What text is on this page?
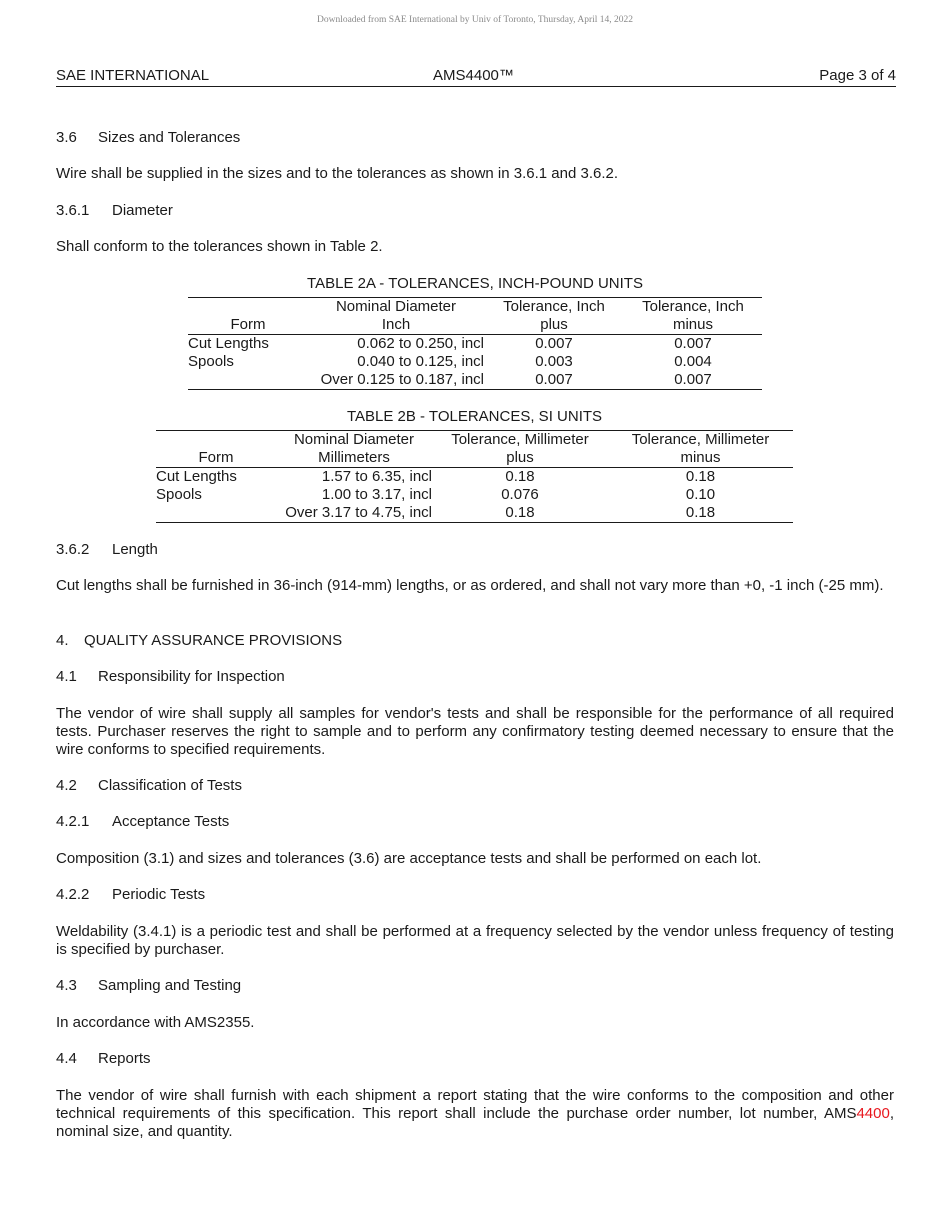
Downloaded from SAE International by Univ of Toronto, Thursday, April 14, 2022
SAE INTERNATIONAL	AMS4400™	Page 3 of 4
3.6 Sizes and Tolerances
Wire shall be supplied in the sizes and to the tolerances as shown in 3.6.1 and 3.6.2.
3.6.1 Diameter
Shall conform to the tolerances shown in Table 2.
TABLE 2A - TOLERANCES, INCH-POUND UNITS
	Nominal Diameter	Tolerance, Inch	Tolerance, Inch
Form	Inch	plus	minus
Cut Lengths	0.062 to 0.250, incl	0.007	0.007
Spools	0.040 to 0.125, incl	0.003	0.004
	Over 0.125 to 0.187, incl	0.007	0.007
TABLE 2B - TOLERANCES, SI UNITS
	Nominal Diameter	Tolerance, Millimeter	Tolerance, Millimeter
Form	Millimeters	plus	minus
Cut Lengths	1.57 to 6.35, incl	0.18	0.18
Spools	1.00 to 3.17, incl	0.076	0.10
	Over 3.17 to 4.75, incl	0.18	0.18
3.6.2 Length
Cut lengths shall be furnished in 36-inch (914-mm) lengths, or as ordered, and shall not vary more than +0, -1 inch (-25 mm).
4. QUALITY ASSURANCE PROVISIONS
4.1 Responsibility for Inspection
The vendor of wire shall supply all samples for vendor's tests and shall be responsible for the performance of all required tests. Purchaser reserves the right to sample and to perform any confirmatory testing deemed necessary to ensure that the wire conforms to specified requirements.
4.2 Classification of Tests
4.2.1 Acceptance Tests
Composition (3.1) and sizes and tolerances (3.6) are acceptance tests and shall be performed on each lot.
4.2.2 Periodic Tests
Weldability (3.4.1) is a periodic test and shall be performed at a frequency selected by the vendor unless frequency of testing is specified by purchaser.
4.3 Sampling and Testing
In accordance with AMS2355.
4.4 Reports
The vendor of wire shall furnish with each shipment a report stating that the wire conforms to the composition and other technical requirements of this specification. This report shall include the purchase order number, lot number, AMS4400, nominal size, and quantity.
